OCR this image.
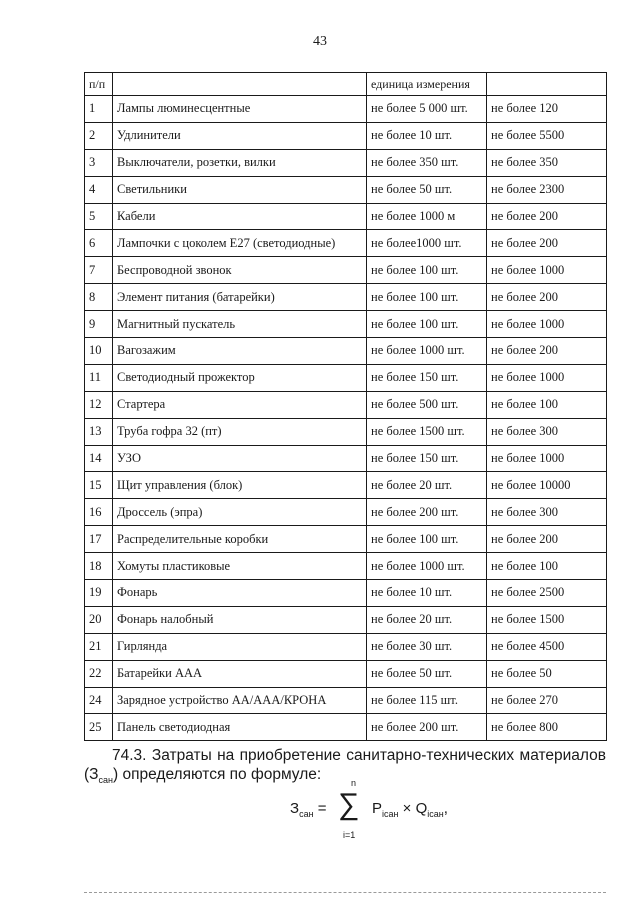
43
п/п		единица измерения	
1	Лампы люминесцентные	не более 5 000 шт.	не более 120
2	Удлинители	не более 10 шт.	не более 5500
3	Выключатели, розетки, вилки	не более 350 шт.	не более 350
4	Светильники	не более 50 шт.	не более 2300
5	Кабели	не более 1000 м	не более 200
6	Лампочки с цоколем Е27 (светодиодные)	не более1000 шт.	не более 200
7	Беспроводной звонок	не более 100 шт.	не более 1000
8	Элемент питания (батарейки)	не более 100 шт.	не более 200
9	Магнитный пускатель	не более 100 шт.	не более 1000
10	Вагозажим	не более 1000 шт.	не более 200
11	Светодиодный прожектор	не более 150 шт.	не более 1000
12	Стартера	не более 500 шт.	не более 100
13	Труба гофра 32 (пт)	не более 1500 шт.	не более 300
14	УЗО	не более 150 шт.	не более 1000
15	Щит управления (блок)	не более 20 шт.	не более 10000
16	Дроссель (эпра)	не более 200 шт.	не более 300
17	Распределительные коробки	не более 100 шт.	не более 200
18	Хомуты пластиковые	не более 1000 шт.	не более 100
19	Фонарь	не более 10 шт.	не более 2500
20	Фонарь налобный	не более 20 шт.	не более 1500
21	Гирлянда	не более 30 шт.	не более 4500
22	Батарейки ААА	не более 50 шт.	не более 50
24	Зарядное устройство АА/ААА/КРОНА	не более 115 шт.	не более 270
25	Панель светодиодная	не более 200 шт.	не более 800
74.3. Затраты на приобретение санитарно-технических материалов $(З_{сан})$ определяются по формуле:
$З_{сан}$ =
n
∑
i=1
$P_{iсан} \times Q_{iсан}$,
